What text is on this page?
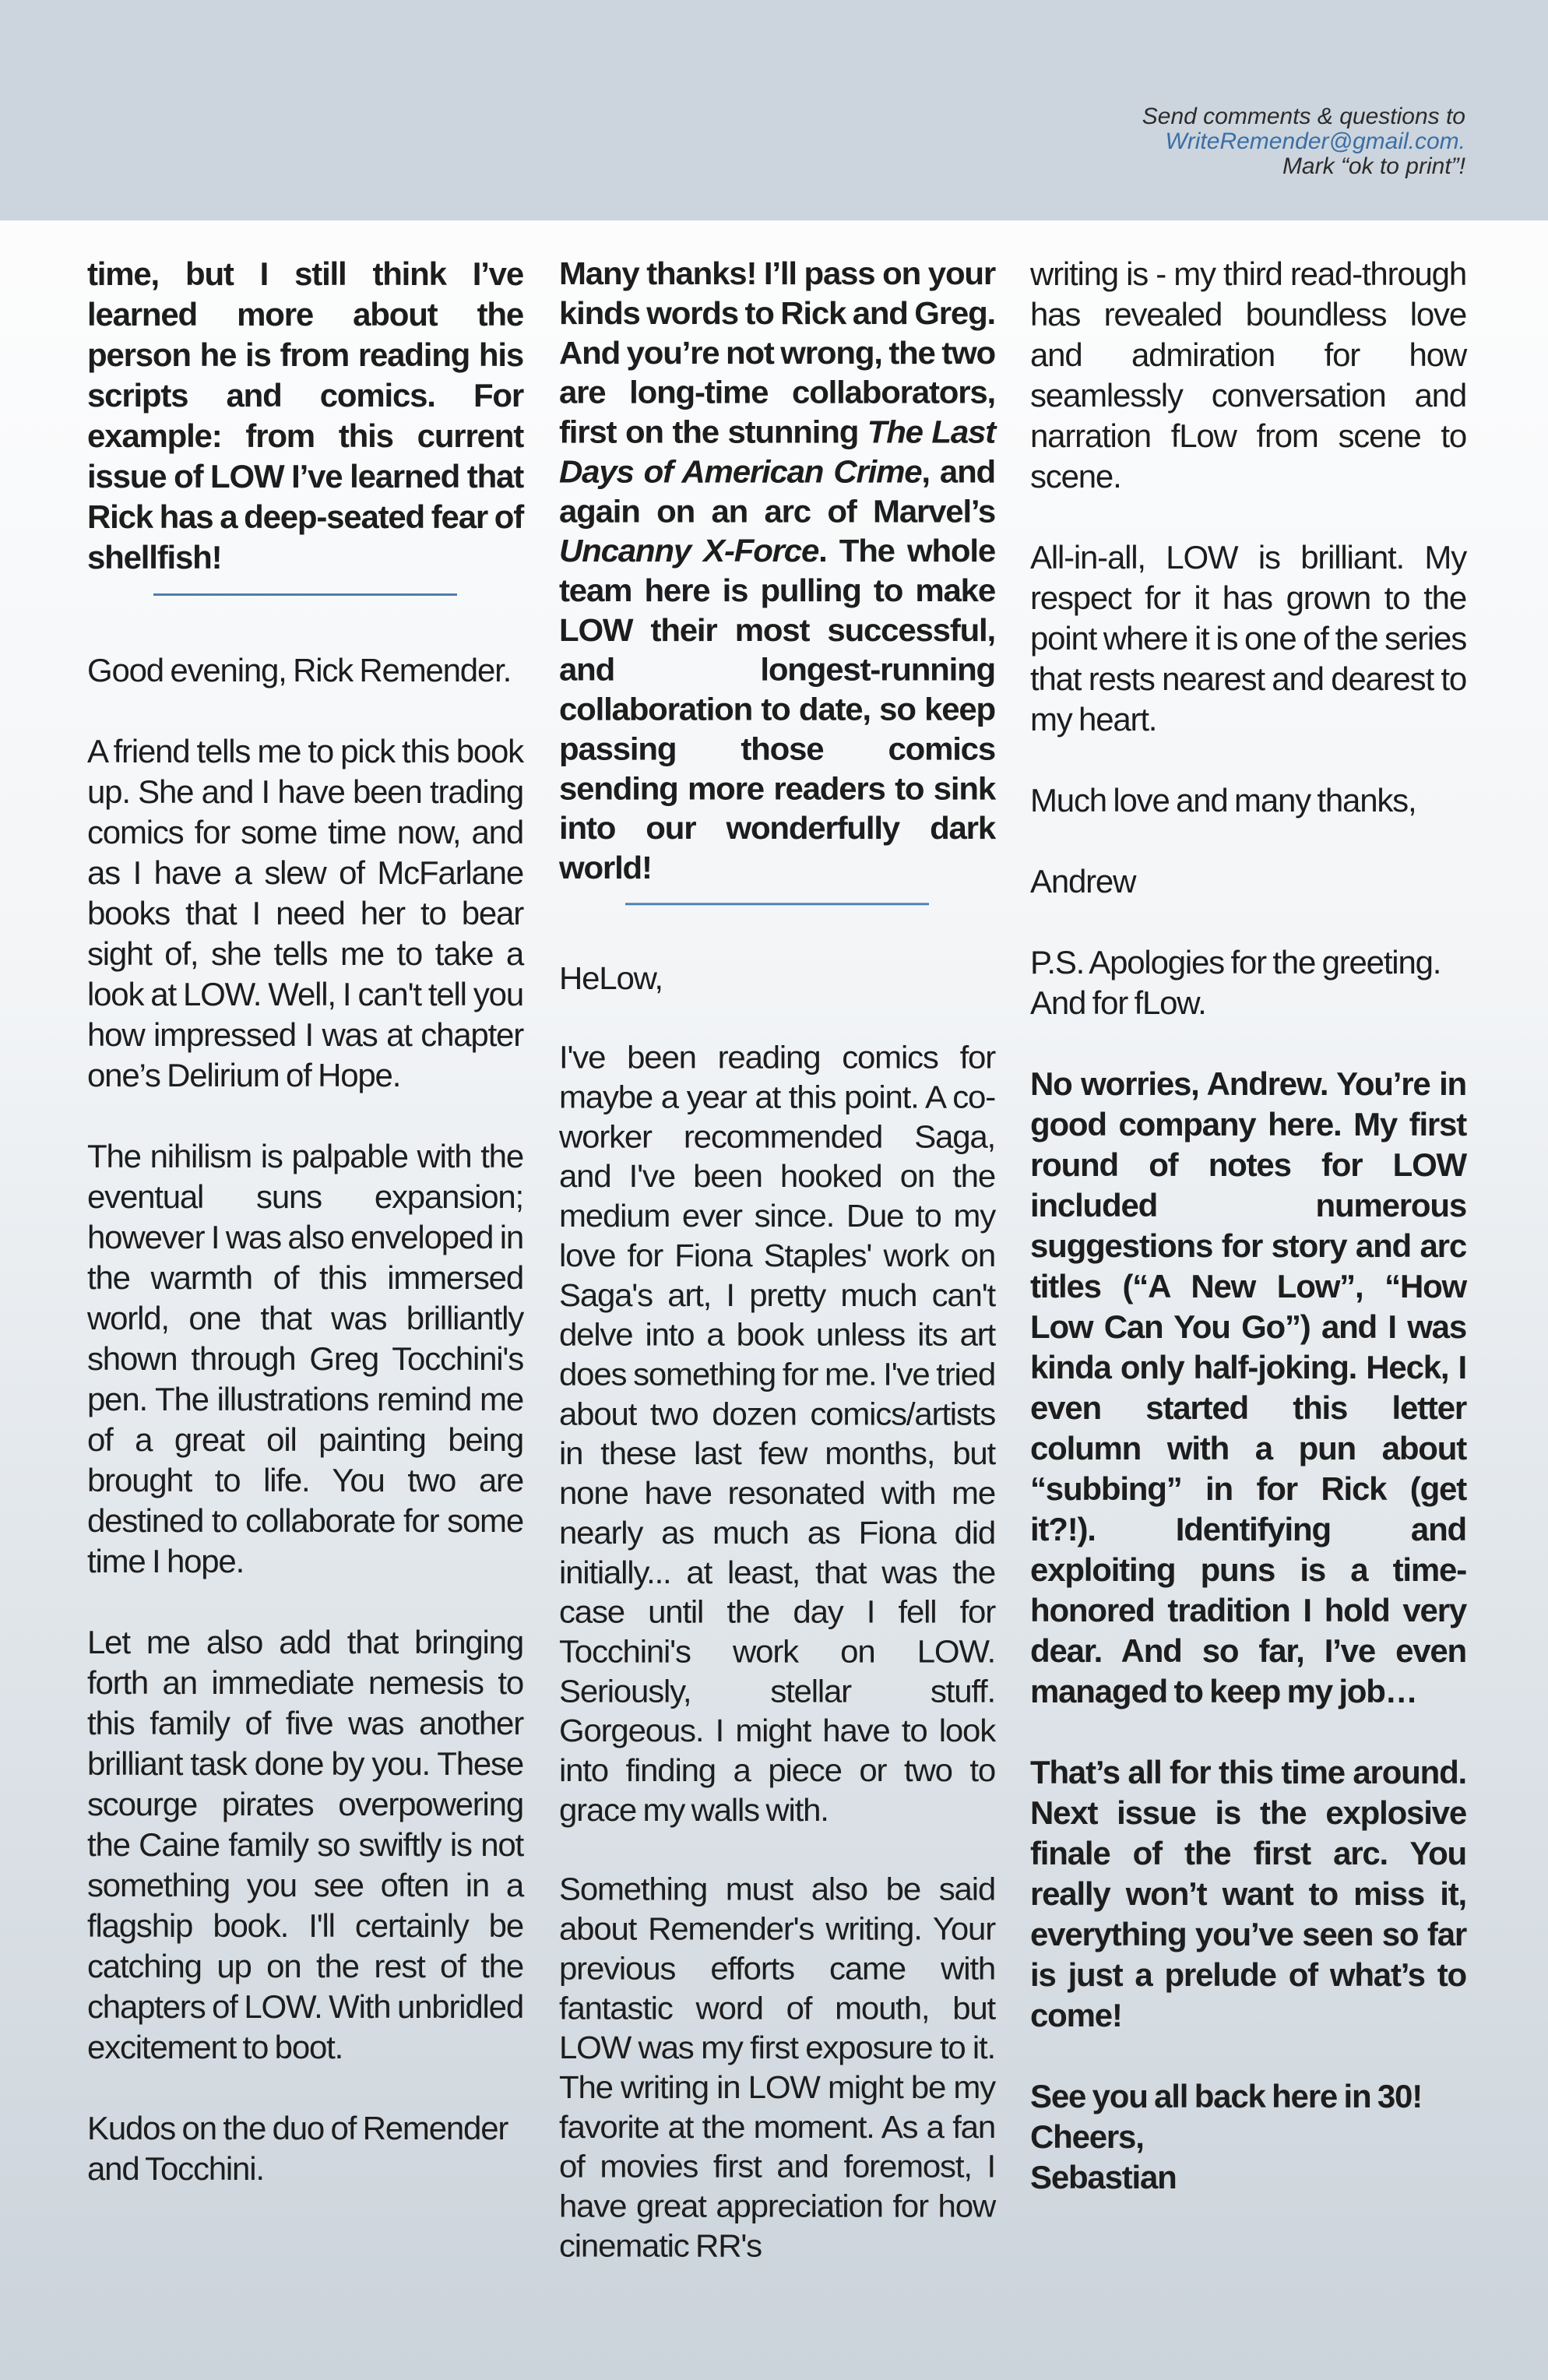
Send comments & questions to
WriteRemender@gmail.com.
Mark “ok to print”!

time, but I still think I’ve learned more about the person he is from reading his scripts and comics. For example: from this current issue of LOW I’ve learned that Rick has a deep-seated fear of shellfish!

Good evening, Rick Remender.

A friend tells me to pick this book up. She and I have been trading comics for some time now, and as I have a slew of McFarlane books that I need her to bear sight of, she tells me to take a look at LOW. Well, I can't tell you how impressed I was at chapter one’s Delirium of Hope.

The nihilism is palpable with the eventual suns expansion; however I was also enveloped in the warmth of this immersed world, one that was brilliantly shown through Greg Tocchini's pen. The illustrations remind me of a great oil painting being brought to life. You two are destined to collaborate for some time I hope.

Let me also add that bringing forth an immediate nemesis to this family of five was another brilliant task done by you. These scourge pirates overpowering the Caine family so swiftly is not something you see often in a flagship book. I'll certainly be catching up on the rest of the chapters of LOW. With unbridled excitement to boot.

Kudos on the duo of Remender and Tocchini.

Many thanks! I’ll pass on your kinds words to Rick and Greg. And you’re not wrong, the two are long-time collaborators, first on the stunning The Last Days of American Crime, and again on an arc of Marvel’s Uncanny X-Force. The whole team here is pulling to make LOW their most successful, and longest-running collaboration to date, so keep passing those comics sending more readers to sink into our wonderfully dark world!

HeLow,

I've been reading comics for maybe a year at this point. A co-worker recommended Saga, and I've been hooked on the medium ever since. Due to my love for Fiona Staples' work on Saga's art, I pretty much can't delve into a book unless its art does something for me. I've tried about two dozen comics/artists in these last few months, but none have resonated with me nearly as much as Fiona did initially... at least, that was the case until the day I fell for Tocchini's work on LOW. Seriously, stellar stuff. Gorgeous. I might have to look into finding a piece or two to grace my walls with.

Something must also be said about Remender's writing. Your previous efforts came with fantastic word of mouth, but LOW was my first exposure to it. The writing in LOW might be my favorite at the moment. As a fan of movies first and foremost, I have great appreciation for how cinematic RR's

writing is - my third read-through has revealed boundless love and admiration for how seamlessly conversation and narration fLow from scene to scene.

All-in-all, LOW is brilliant. My respect for it has grown to the point where it is one of the series that rests nearest and dearest to my heart.

Much love and many thanks,

Andrew

P.S. Apologies for the greeting. And for fLow.

No worries, Andrew. You’re in good company here. My first round of notes for LOW included numerous suggestions for story and arc titles (“A New Low”, “How Low Can You Go”) and I was kinda only half-joking. Heck, I even started this letter column with a pun about “subbing” in for Rick (get it?!). Identifying and exploiting puns is a time-honored tradition I hold very dear. And so far, I’ve even managed to keep my job…

That’s all for this time around. Next issue is the explosive finale of the first arc. You really won’t want to miss it, everything you’ve seen so far is just a prelude of what’s to come!

See you all back here in 30!
Cheers,
Sebastian
